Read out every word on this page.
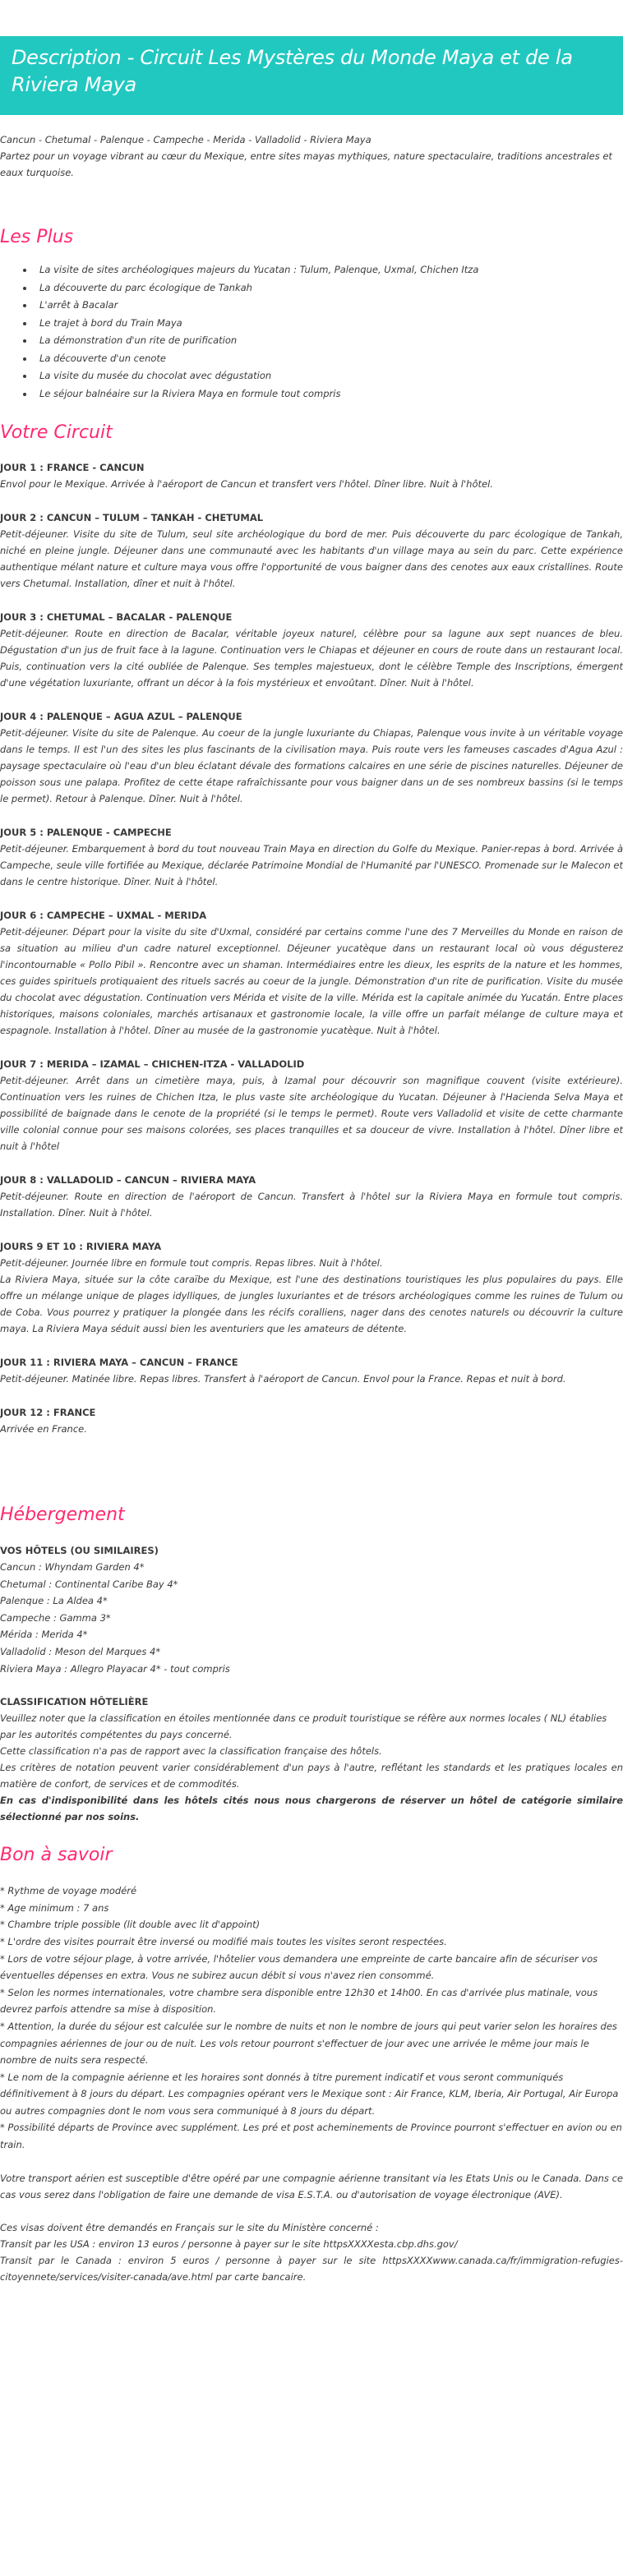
Description - Circuit Les Mystères du Monde Maya et de la Riviera Maya

Cancun - Chetumal - Palenque - Campeche - Merida - Valladolid - Riviera Maya

Partez pour un voyage vibrant au cœur du Mexique, entre sites mayas mythiques, nature spectaculaire, traditions ancestrales et eaux turquoise.

Les Plus
• La visite de sites archéologiques majeurs du Yucatan : Tulum, Palenque, Uxmal, Chichen Itza
• La découverte du parc écologique de Tankah
• L'arrêt à Bacalar
• Le trajet à bord du Train Maya
• La démonstration d'un rite de purification
• La découverte d'un cenote
• La visite du musée du chocolat avec dégustation
• Le séjour balnéaire sur la Riviera Maya en formule tout compris
Votre Circuit
JOUR 1 : FRANCE - CANCUN

Envol pour le Mexique. Arrivée à l'aéroport de Cancun et transfert vers l'hôtel. Dîner libre. Nuit à l'hôtel.

JOUR 2 : CANCUN – TULUM – TANKAH - CHETUMAL

Petit-déjeuner. Visite du site de Tulum, seul site archéologique du bord de mer. Puis découverte du parc écologique de Tankah, niché en pleine jungle. Déjeuner dans une communauté avec les habitants d'un village maya au sein du parc. Cette expérience authentique mélant nature et culture maya vous offre l'opportunité de vous baigner dans des cenotes aux eaux cristallines. Route vers Chetumal. Installation, dîner et nuit à l'hôtel.

JOUR 3 : CHETUMAL – BACALAR - PALENQUE

Petit-déjeuner. Route en direction de Bacalar, véritable joyeux naturel, célèbre pour sa lagune aux sept nuances de bleu. Dégustation d'un jus de fruit face à la lagune. Continuation vers le Chiapas et déjeuner en cours de route dans un restaurant local. Puis, continuation vers la cité oubliée de Palenque. Ses temples majestueux, dont le célèbre Temple des Inscriptions, émergent d'une végétation luxuriante, offrant un décor à la fois mystérieux et envoûtant. Dîner. Nuit à l'hôtel.

JOUR 4 : PALENQUE – AGUA AZUL – PALENQUE

Petit-déjeuner. Visite du site de Palenque. Au coeur de la jungle luxuriante du Chiapas, Palenque vous invite à un véritable voyage dans le temps. Il est l'un des sites les plus fascinants de la civilisation maya. Puis route vers les fameuses cascades d'Agua Azul : paysage spectaculaire où l'eau d'un bleu éclatant dévale des formations calcaires en une série de piscines naturelles. Déjeuner de poisson sous une palapa. Profitez de cette étape rafraîchissante pour vous baigner dans un de ses nombreux bassins (si le temps le permet). Retour à Palenque. Dîner. Nuit à l'hôtel.

JOUR 5 : PALENQUE - CAMPECHE

Petit-déjeuner. Embarquement à bord du tout nouveau Train Maya en direction du Golfe du Mexique. Panier-repas à bord. Arrivée à Campeche, seule ville fortifiée au Mexique, déclarée Patrimoine Mondial de l'Humanité par l'UNESCO. Promenade sur le Malecon et dans le centre historique. Dîner. Nuit à l'hôtel.

JOUR 6 : CAMPECHE – UXMAL - MERIDA

Petit-déjeuner. Départ pour la visite du site d'Uxmal, considéré par certains comme l'une des 7 Merveilles du Monde en raison de sa situation au milieu d'un cadre naturel exceptionnel. Déjeuner yucatèque dans un restaurant local où vous dégusterez l'incontournable « Pollo Pibil ». Rencontre avec un shaman. Intermédiaires entre les dieux, les esprits de la nature et les hommes, ces guides spirituels protiquaient des rituels sacrés au coeur de la jungle. Démonstration d'un rite de purification. Visite du musée du chocolat avec dégustation. Continuation vers Mérida et visite de la ville. Mérida est la capitale animée du Yucatán. Entre places historiques, maisons coloniales, marchés artisanaux et gastronomie locale, la ville offre un parfait mélange de culture maya et espagnole. Installation à l'hôtel. Dîner au musée de la gastronomie yucatèque. Nuit à l'hôtel.

JOUR 7 : MERIDA – IZAMAL – CHICHEN-ITZA - VALLADOLID

Petit-déjeuner. Arrêt dans un cimetière maya, puis, à Izamal pour découvrir son magnifique couvent (visite extérieure). Continuation vers les ruines de Chichen Itza, le plus vaste site archéologique du Yucatan. Déjeuner à l'Hacienda Selva Maya et possibilité de baignade dans le cenote de la propriété (si le temps le permet). Route vers Valladolid et visite de cette charmante ville colonial connue pour ses maisons colorées, ses places tranquilles et sa douceur de vivre. Installation à l'hôtel. Dîner libre et nuit à l'hôtel

JOUR 8 : VALLADOLID – CANCUN – RIVIERA MAYA

Petit-déjeuner. Route en direction de l'aéroport de Cancun. Transfert à l'hôtel sur la Riviera Maya en formule tout compris. Installation. Dîner. Nuit à l'hôtel.

JOURS 9 ET 10 : RIVIERA MAYA

Petit-déjeuner. Journée libre en formule tout compris. Repas libres. Nuit à l'hôtel.

La Riviera Maya, située sur la côte caraïbe du Mexique, est l'une des destinations touristiques les plus populaires du pays. Elle offre un mélange unique de plages idylliques, de jungles luxuriantes et de trésors archéologiques comme les ruines de Tulum ou de Coba. Vous pourrez y pratiquer la plongée dans les récifs coralliens, nager dans des cenotes naturels ou découvrir la culture maya. La Riviera Maya séduit aussi bien les aventuriers que les amateurs de détente.

JOUR 11 : RIVIERA MAYA – CANCUN – FRANCE

Petit-déjeuner. Matinée libre. Repas libres. Transfert à l'aéroport de Cancun. Envol pour la France. Repas et nuit à bord.

JOUR 12 : FRANCE

Arrivée en France.

Hébergement

VOS HÔTELS (OU SIMILAIRES)

Cancun : Whyndam Garden 4*

Chetumal : Continental Caribe Bay 4*

Palenque : La Aldea 4*

Campeche : Gamma 3*

Mérida : Merida 4*

Valladolid : Meson del Marques 4*

Riviera Maya : Allegro Playacar 4* - tout compris

CLASSIFICATION HÔTELIÈRE

Veuillez noter que la classification en étoiles mentionnée dans ce produit touristique se réfère aux normes locales ( NL) établies par les autorités compétentes du pays concerné.

Cette classification n'a pas de rapport avec la classification française des hôtels.

Les critères de notation peuvent varier considérablement d'un pays à l'autre, reflétant les standards et les pratiques locales en matière de confort, de services et de commodités.

En cas d'indisponibilité dans les hôtels cités nous nous chargerons de réserver un hôtel de catégorie similaire sélectionné par nos soins.

Bon à savoir

* Rythme de voyage modéré

* Age minimum : 7 ans

* Chambre triple possible (lit double avec lit d'appoint)

* L'ordre des visites pourrait être inversé ou modifié mais toutes les visites seront respectées.

* Lors de votre séjour plage, à votre arrivée, l'hôtelier vous demandera une empreinte de carte bancaire afin de sécuriser vos éventuelles dépenses en extra. Vous ne subirez aucun débit si vous n'avez rien consommé.

* Selon les normes internationales, votre chambre sera disponible entre 12h30 et 14h00. En cas d'arrivée plus matinale, vous devrez parfois attendre sa mise à disposition.

* Attention, la durée du séjour est calculée sur le nombre de nuits et non le nombre de jours qui peut varier selon les horaires des compagnies aériennes de jour ou de nuit. Les vols retour pourront s'effectuer de jour avec une arrivée le même jour mais le nombre de nuits sera respecté.

* Le nom de la compagnie aérienne et les horaires sont donnés à titre purement indicatif et vous seront communiqués définitivement à 8 jours du départ. Les compagnies opérant vers le Mexique sont : Air France, KLM, Iberia, Air Portugal, Air Europa ou autres compagnies dont le nom vous sera communiqué à 8 jours du départ.

* Possibilité départs de Province avec supplément. Les pré et post acheminements de Province pourront s'effectuer en avion ou en train.

Votre transport aérien est susceptible d'être opéré par une compagnie aérienne transitant via les Etats Unis ou le Canada. Dans ce cas vous serez dans l'obligation de faire une demande de visa E.S.T.A. ou d'autorisation de voyage électronique (AVE).

Ces visas doivent être demandés en Français sur le site du Ministère concerné :

Transit par les USA : environ 13 euros / personne à payer sur le site httpsXXXXesta.cbp.dhs.gov/

Transit par le Canada : environ 5 euros / personne à payer sur le site httpsXXXXwww.canada.ca/fr/immigration-refugies-citoyennete/services/visiter-canada/ave.html par carte bancaire.
